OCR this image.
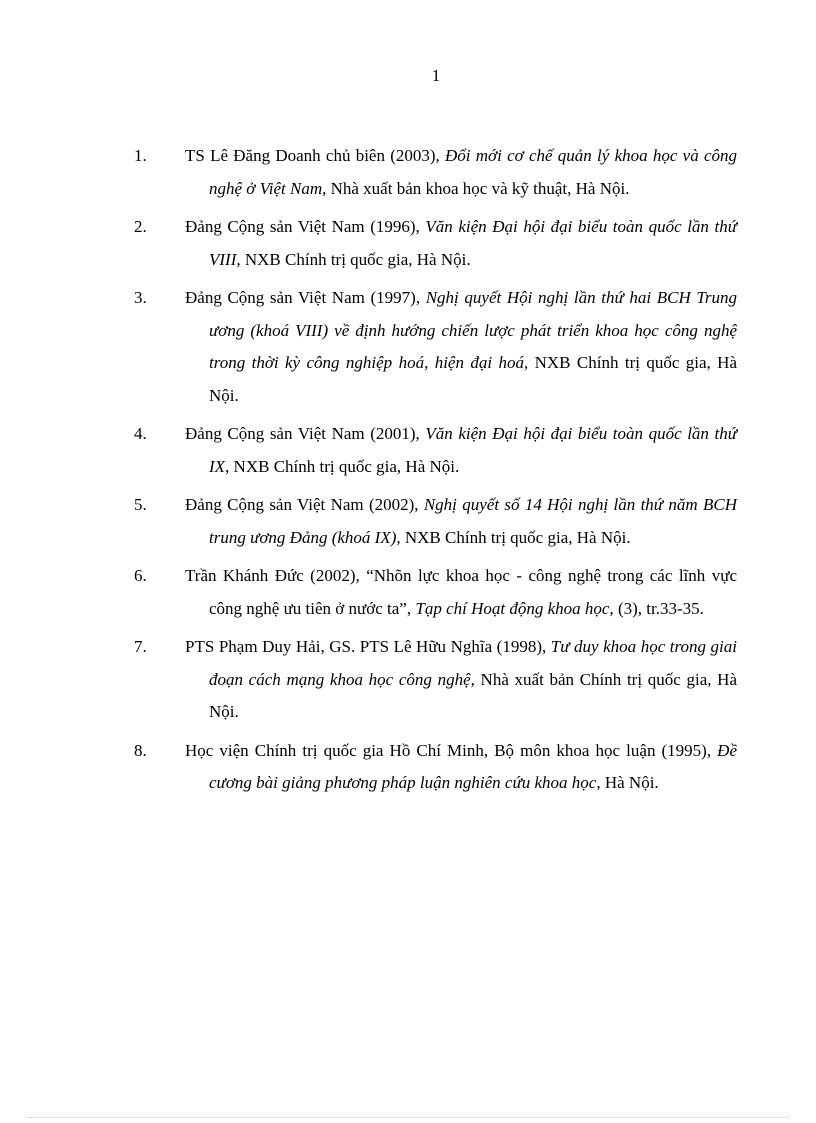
1
1. TS Lê Đăng Doanh chủ biên (2003), Đổi mới cơ chế quản lý khoa học và công nghệ ở Việt Nam, Nhà xuất bản khoa học và kỹ thuật, Hà Nội.
2. Đảng Cộng sản Việt Nam (1996), Văn kiện Đại hội đại biểu toàn quốc lần thứ VIII, NXB Chính trị quốc gia, Hà Nội.
3. Đảng Cộng sản Việt Nam (1997), Nghị quyết Hội nghị lần thứ hai BCH Trung ương (khoá VIII) về định hướng chiến lược phát triển khoa học công nghệ trong thời kỳ công nghiệp hoá, hiện đại hoá, NXB Chính trị quốc gia, Hà Nội.
4. Đảng Cộng sản Việt Nam (2001), Văn kiện Đại hội đại biểu toàn quốc lần thứ IX, NXB Chính trị quốc gia, Hà Nội.
5. Đảng Cộng sản Việt Nam (2002), Nghị quyết số 14 Hội nghị lần thứ năm BCH trung ương Đảng (khoá IX), NXB Chính trị quốc gia, Hà Nội.
6. Trần Khánh Đức (2002), “Nhõn lực khoa học - công nghệ trong các lĩnh vực công nghệ ưu tiên ở nước ta”, Tạp chí Hoạt động khoa học, (3), tr.33-35.
7. PTS Phạm Duy Hải, GS. PTS Lê Hữu Nghĩa (1998), Tư duy khoa học trong giai đoạn cách mạng khoa học công nghệ, Nhà xuất bản Chính trị quốc gia, Hà Nội.
8. Học viện Chính trị quốc gia Hồ Chí Minh, Bộ môn khoa học luận (1995), Đề cương bài giảng phương pháp luận nghiên cứu khoa học, Hà Nội.
